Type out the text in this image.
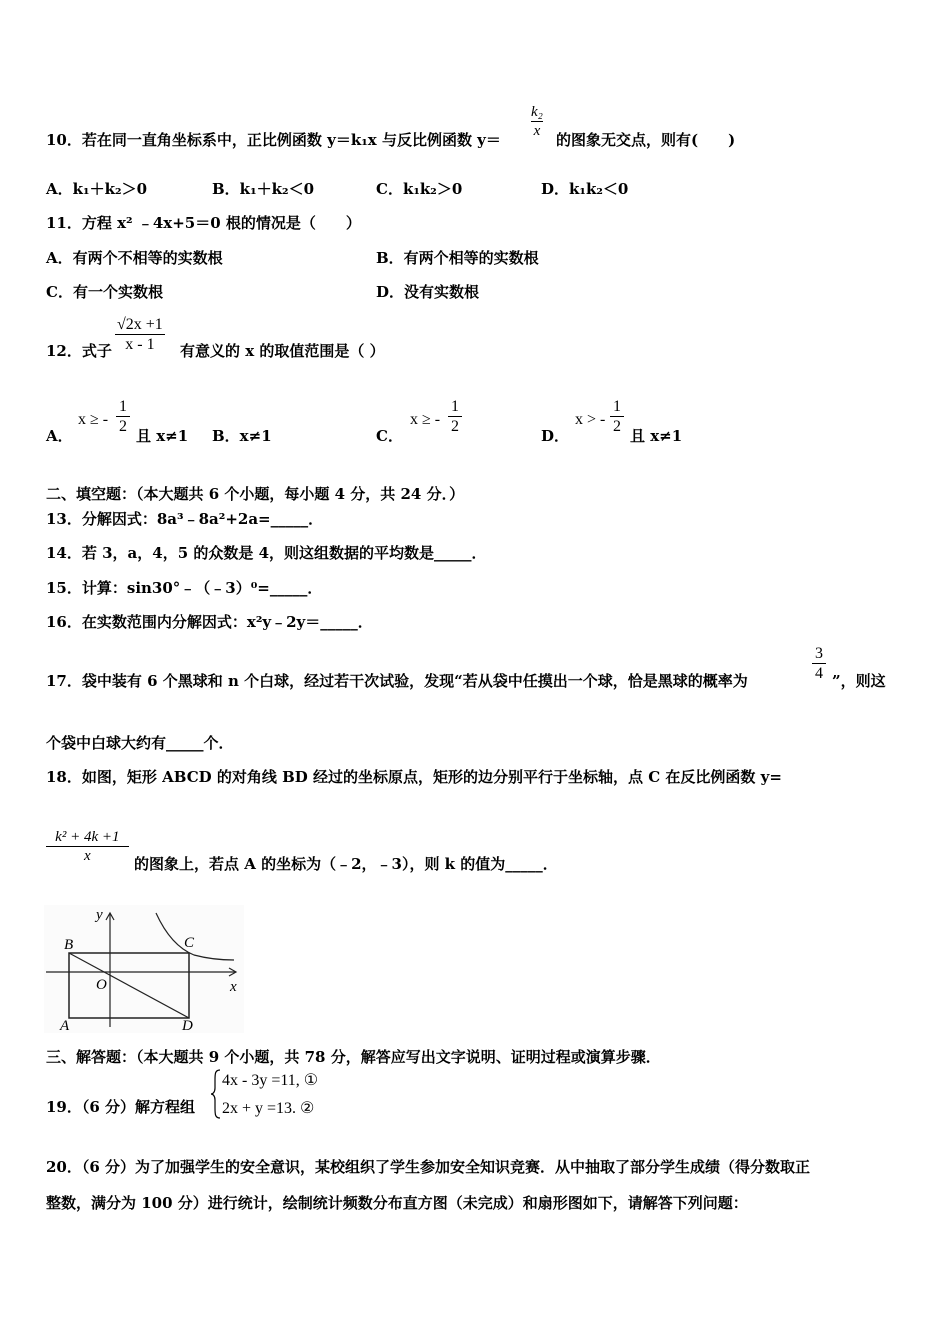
10．若在同一直角坐标系中，正比例函数 y＝k₁x 与反比例函数 y＝
$\frac{\text{k₂}}{x}$
的图象无交点，则有(　　)
A．k₁＋k₂＞0	B．k₁＋k₂＜0	C．k₁k₂＞0	D．k₁k₂＜0
11．方程 x² ﹣4x+5＝0 根的情况是（　　）
A．有两个不相等的实数根	B．有两个相等的实数根
C．有一个实数根	D．没有实数根
12．式子 $\frac{√2x +1}{x - 1}$ 有意义的 x 的取值范围是（ ）
A．
x ≥ - $\frac{1}{2}$
且 x≠1 B．x≠1	C．
x ≥ - $\frac{1}{2}$
D．
x > - $\frac{1}{2}$
且 x≠1
二、填空题：（本大题共 6 个小题，每小题 4 分，共 24 分．）
13．分解因式：8a³﹣8a²+2a=_____．
14．若 3，a，4，5 的众数是 4，则这组数据的平均数是_____．
15．计算：sin30°﹣（﹣3）⁰=_____．
16．在实数范围内分解因式：x²y﹣2y＝_____．
17．袋中装有 6 个黑球和 n 个白球，经过若干次试验，发现“若从袋中任摸出一个球，恰是黑球的概率为	$\frac{3}{4}$ ”，则这
个袋中白球大约有_____个．
18．如图，矩形 ABCD 的对角线 BD 经过的坐标原点，矩形的边分别平行于坐标轴，点 C 在反比例函数 y=
$\frac{\text{k² + 4k +1}}{x}$ 的图象上，若点 A 的坐标为（﹣2，﹣3），则 k 的值为_____．
y
x
B	C
O
A	D
三、解答题：（本大题共 9 个小题，共 78 分，解答应写出文字说明、证明过程或演算步骤．
19．（6 分）解方程组
4x - 3y =11, ①
2x + y =13. ②
20．（6 分）为了加强学生的安全意识，某校组织了学生参加安全知识竞赛．从中抽取了部分学生成绩（得分数取正
整数，满分为 100 分）进行统计，绘制统计频数分布直方图（未完成）和扇形图如下，请解答下列问题：
